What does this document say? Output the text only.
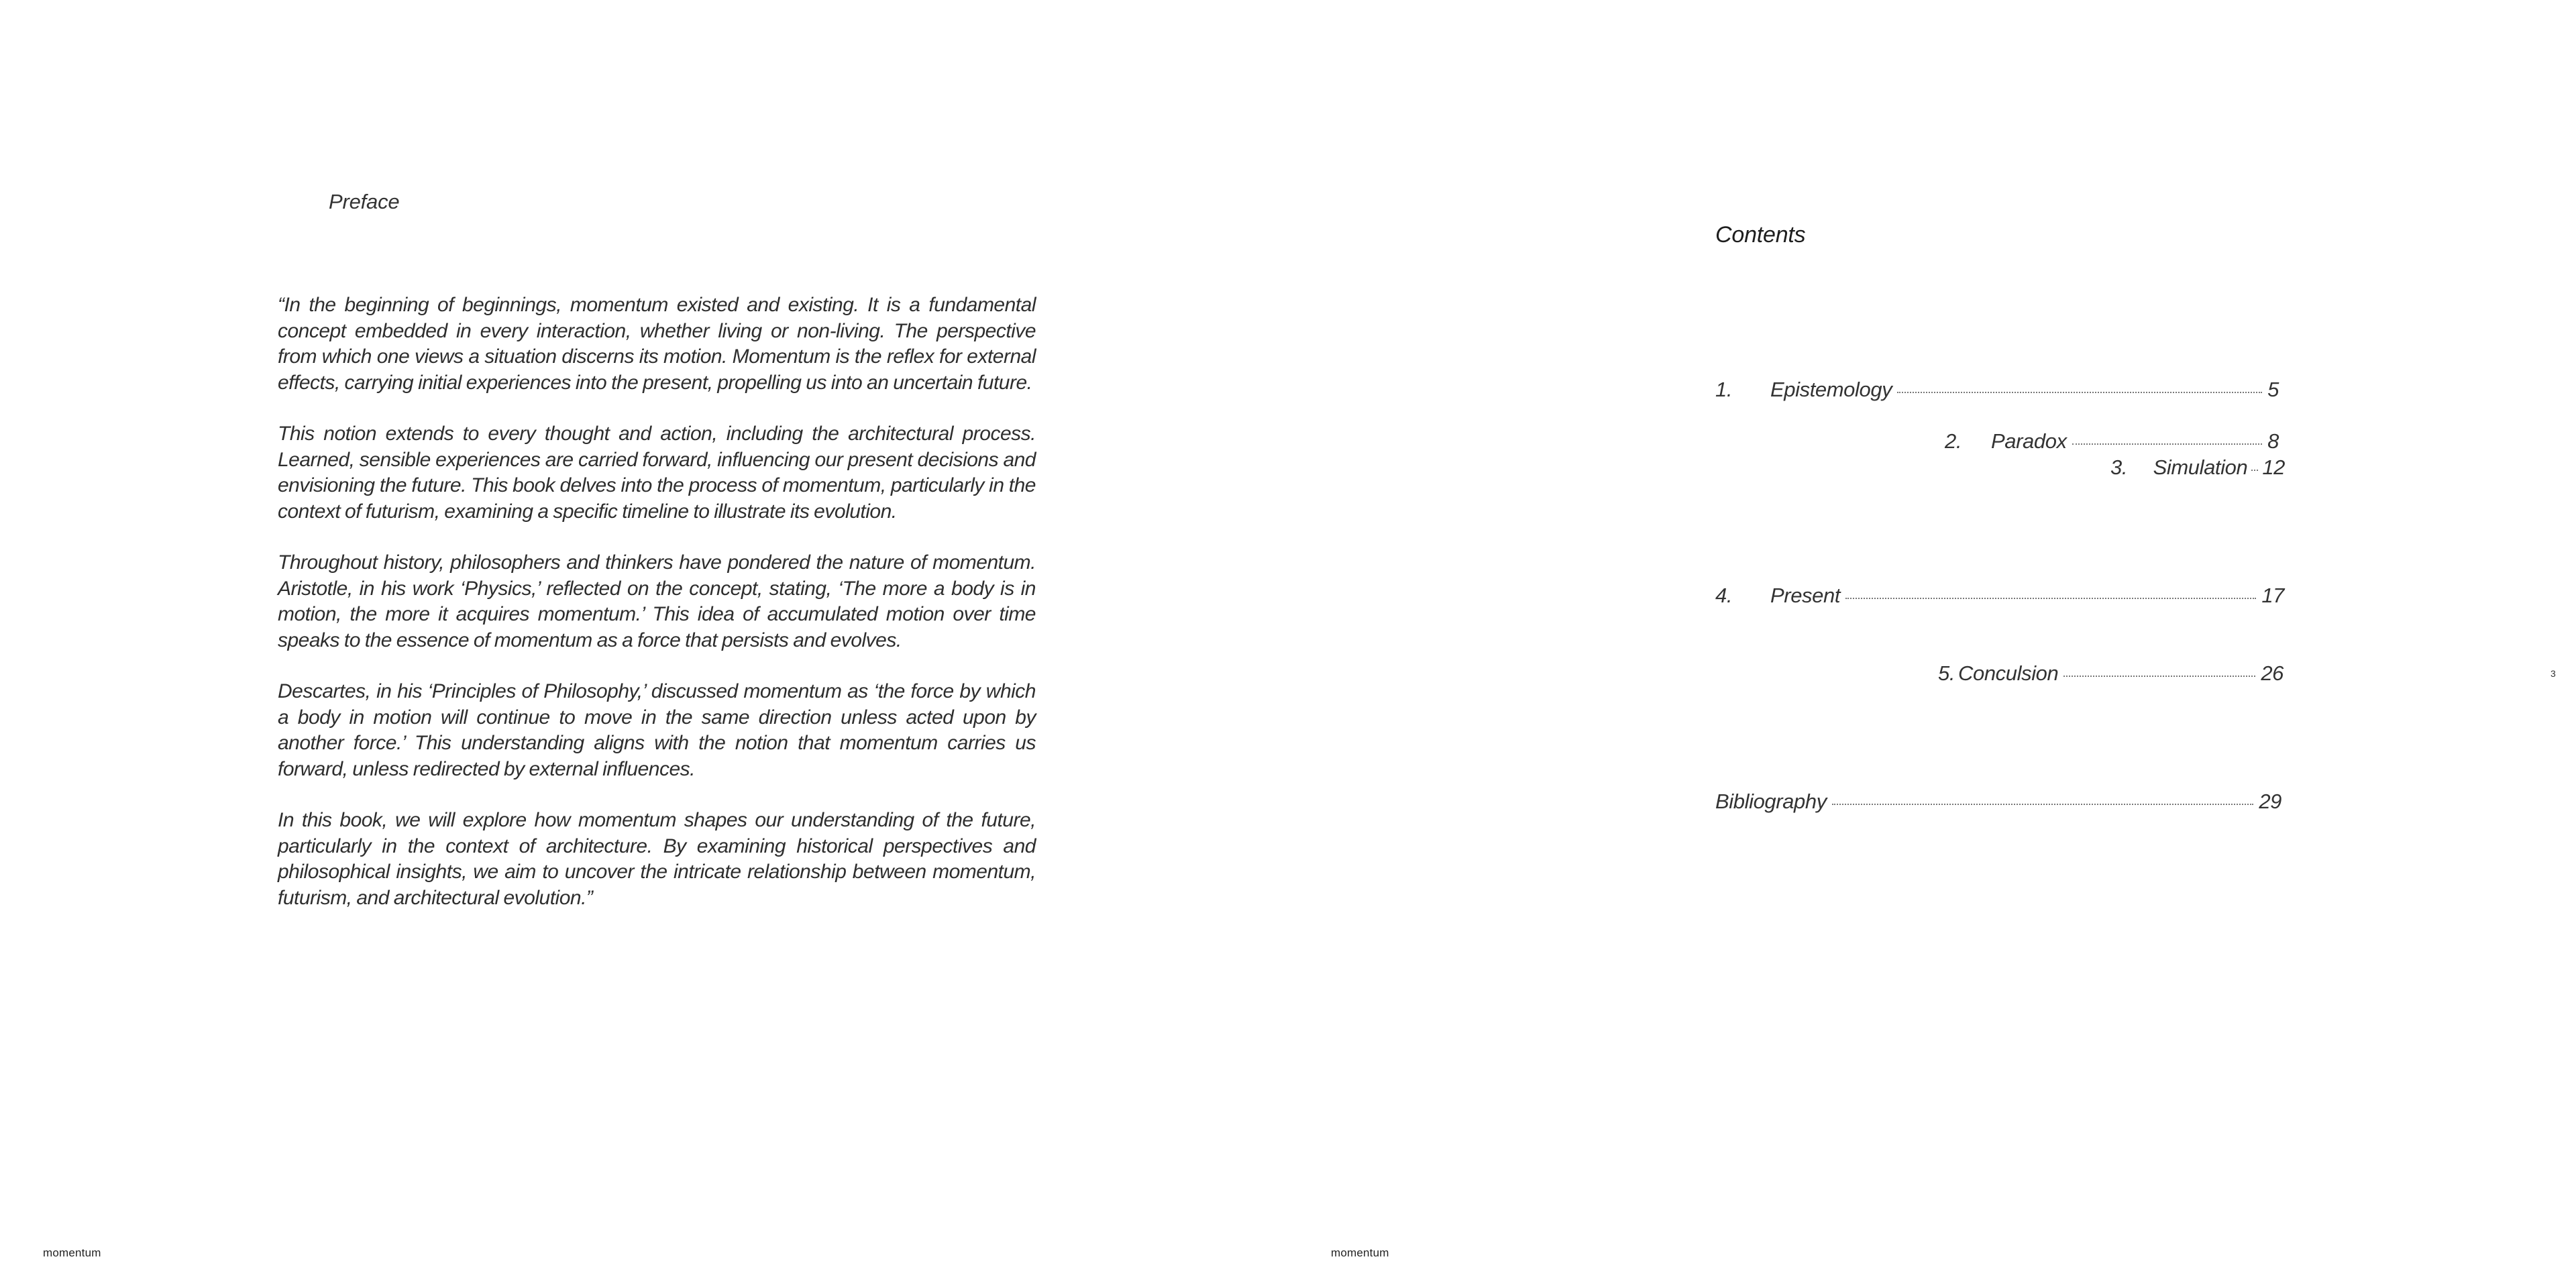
Preface

“In the beginning of beginnings, momentum existed and existing. It is a fundamental concept embedded in every interaction, whether living or non-living. The perspective from which one views a situation discerns its motion. Momentum is the reflex for external effects, carrying initial experiences into the present, propelling us into an uncertain future.

This notion extends to every thought and action, including the architectural process. Learned, sensible experiences are carried forward, influencing our present decisions and envisioning the future. This book delves into the process of momentum, particularly in the context of futurism, examining a specific timeline to illustrate its evolution.

Throughout history, philosophers and thinkers have pondered the nature of momentum. Aristotle, in his work ‘Physics,’ reflected on the concept, stating, ‘The more a body is in motion, the more it acquires momentum.’ This idea of accumulated motion over time speaks to the essence of momentum as a force that persists and evolves.

Descartes, in his ‘Principles of Philosophy,’ discussed momentum as ‘the force by which a body in motion will continue to move in the same direction unless acted upon by another force.’ This understanding aligns with the notion that momentum carries us forward, unless redirected by external influences.

In this book, we will explore how momentum shapes our understanding of the future, particularly in the context of architecture. By examining historical perspectives and philosophical insights, we aim to uncover the intricate relationship between momentum, futurism, and architectural evolution.”

momentum
Contents
1.	Epistemology	5
2.	Paradox	8
3.	Simulation 12
4.	Present	17
5. Conculsion	26
Bibliography	29
momentum
3
